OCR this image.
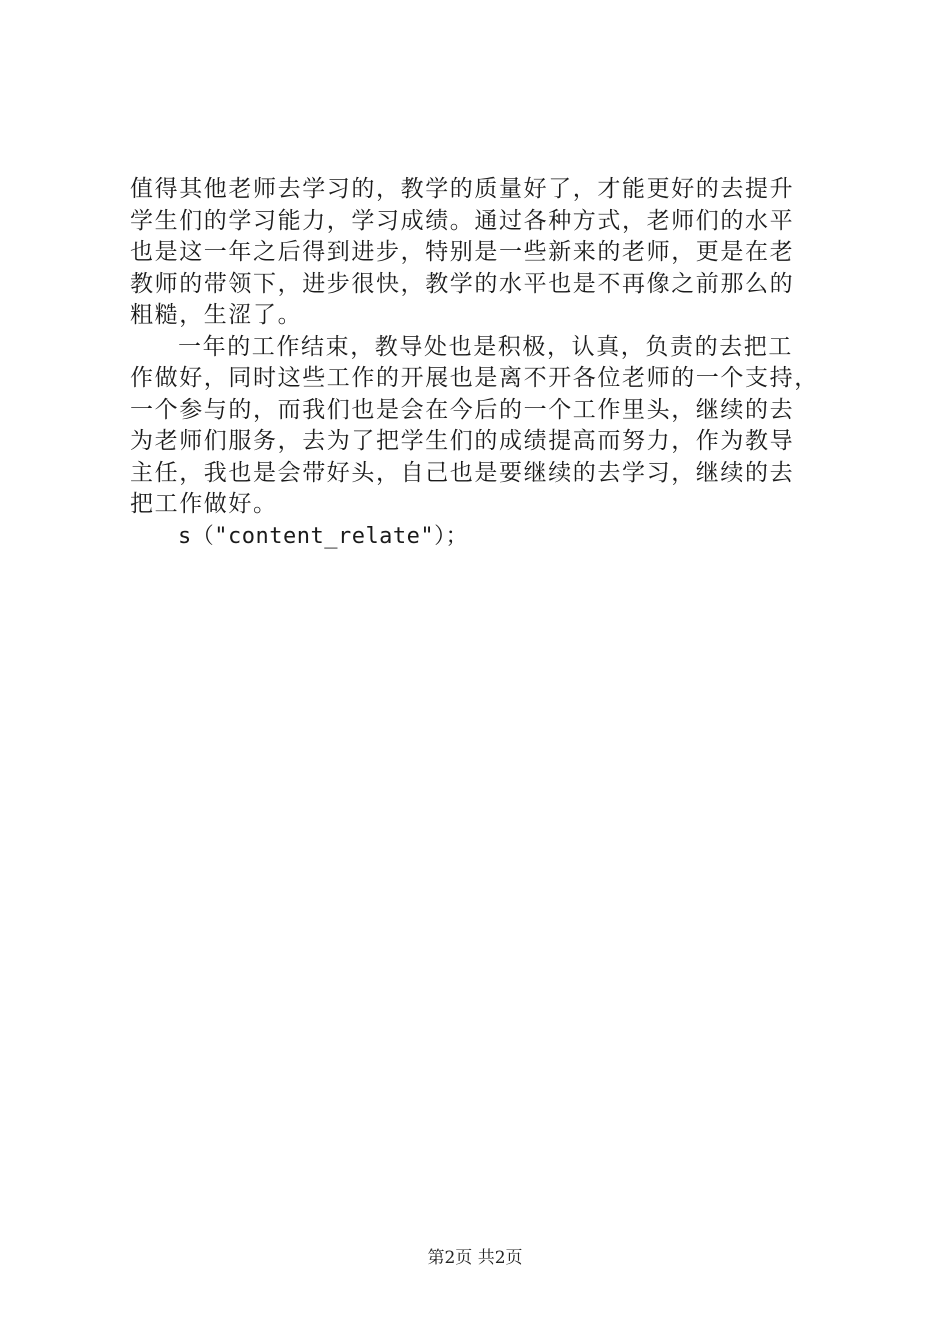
值得其他老师去学习的，教学的质量好了，才能更好的去提升
学生们的学习能力，学习成绩。通过各种方式，老师们的水平
也是这一年之后得到进步，特别是一些新来的老师，更是在老
教师的带领下，进步很快，教学的水平也是不再像之前那么的
粗糙，生涩了。
一年的工作结束，教导处也是积极，认真，负责的去把工
作做好，同时这些工作的开展也是离不开各位老师的一个支持，
一个参与的，而我们也是会在今后的一个工作里头，继续的去
为老师们服务，去为了把学生们的成绩提高而努力，作为教导
主任，我也是会带好头，自己也是要继续的去学习，继续的去
把工作做好。
s（"content_relate"）；
第2页 共2页
